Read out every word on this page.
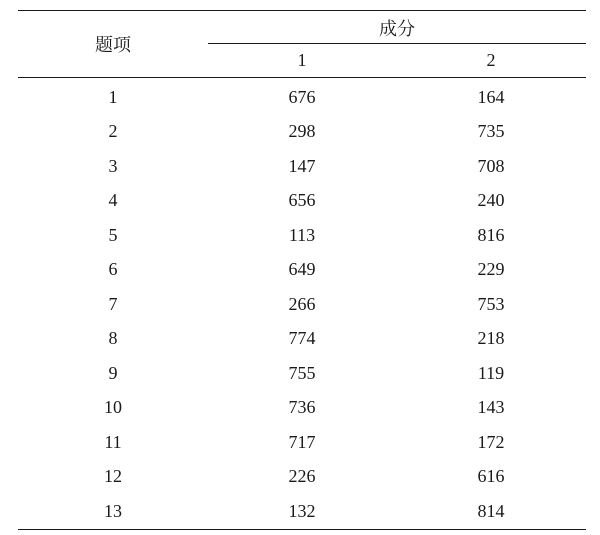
题项	成分	

	1	2
1	676	164
2	298	735
3	147	708
4	656	240
5	113	816
6	649	229
7	266	753
8	774	218
9	755	119
10	736	143
11	717	172
12	226	616
13	132	814
